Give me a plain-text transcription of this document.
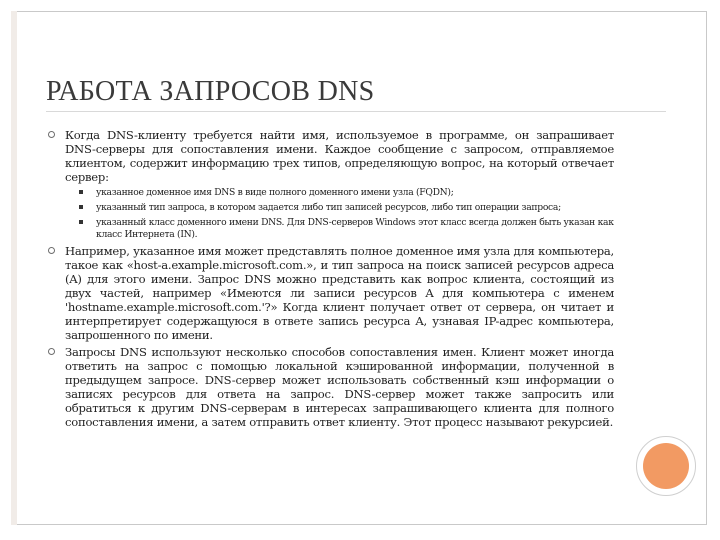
РАБОТА ЗАПРОСОВ DNS
Когда DNS-клиенту требуется найти имя, используемое в программе, он запрашивает DNS-серверы для сопоставления имени. Каждое сообщение с запросом, отправляемое клиентом, содержит информацию трех типов, определяющую вопрос, на который отвечает сервер:
указанное доменное имя DNS в виде полного доменного имени узла (FQDN);
указанный тип запроса, в котором задается либо тип записей ресурсов, либо тип операции запроса;
указанный класс доменного имени DNS. Для DNS-серверов Windows этот класс всегда должен быть указан как класс Интернета (IN).
Например, указанное имя может представлять полное доменное имя узла для компьютера, такое как «host-a.example.microsoft.com.», и тип запроса на поиск записей ресурсов адреса (A) для этого имени. Запрос DNS можно представить как вопрос клиента, состоящий из двух частей, например «Имеются ли записи ресурсов A для компьютера с именем 'hostname.example.microsoft.com.'?» Когда клиент получает ответ от сервера, он читает и интерпретирует содержащуюся в ответе запись ресурса A, узнавая IP-адрес компьютера, запрошенного по имени.
Запросы DNS используют несколько способов сопоставления имен. Клиент может иногда ответить на запрос с помощью локальной кэшированной информации, полученной в предыдущем запросе. DNS-сервер может использовать собственный кэш информации о записях ресурсов для ответа на запрос. DNS-сервер может также запросить или обратиться к другим DNS-серверам в интересах запрашивающего клиента для полного сопоставления имени, а затем отправить ответ клиенту. Этот процесс называют рекурсией.
